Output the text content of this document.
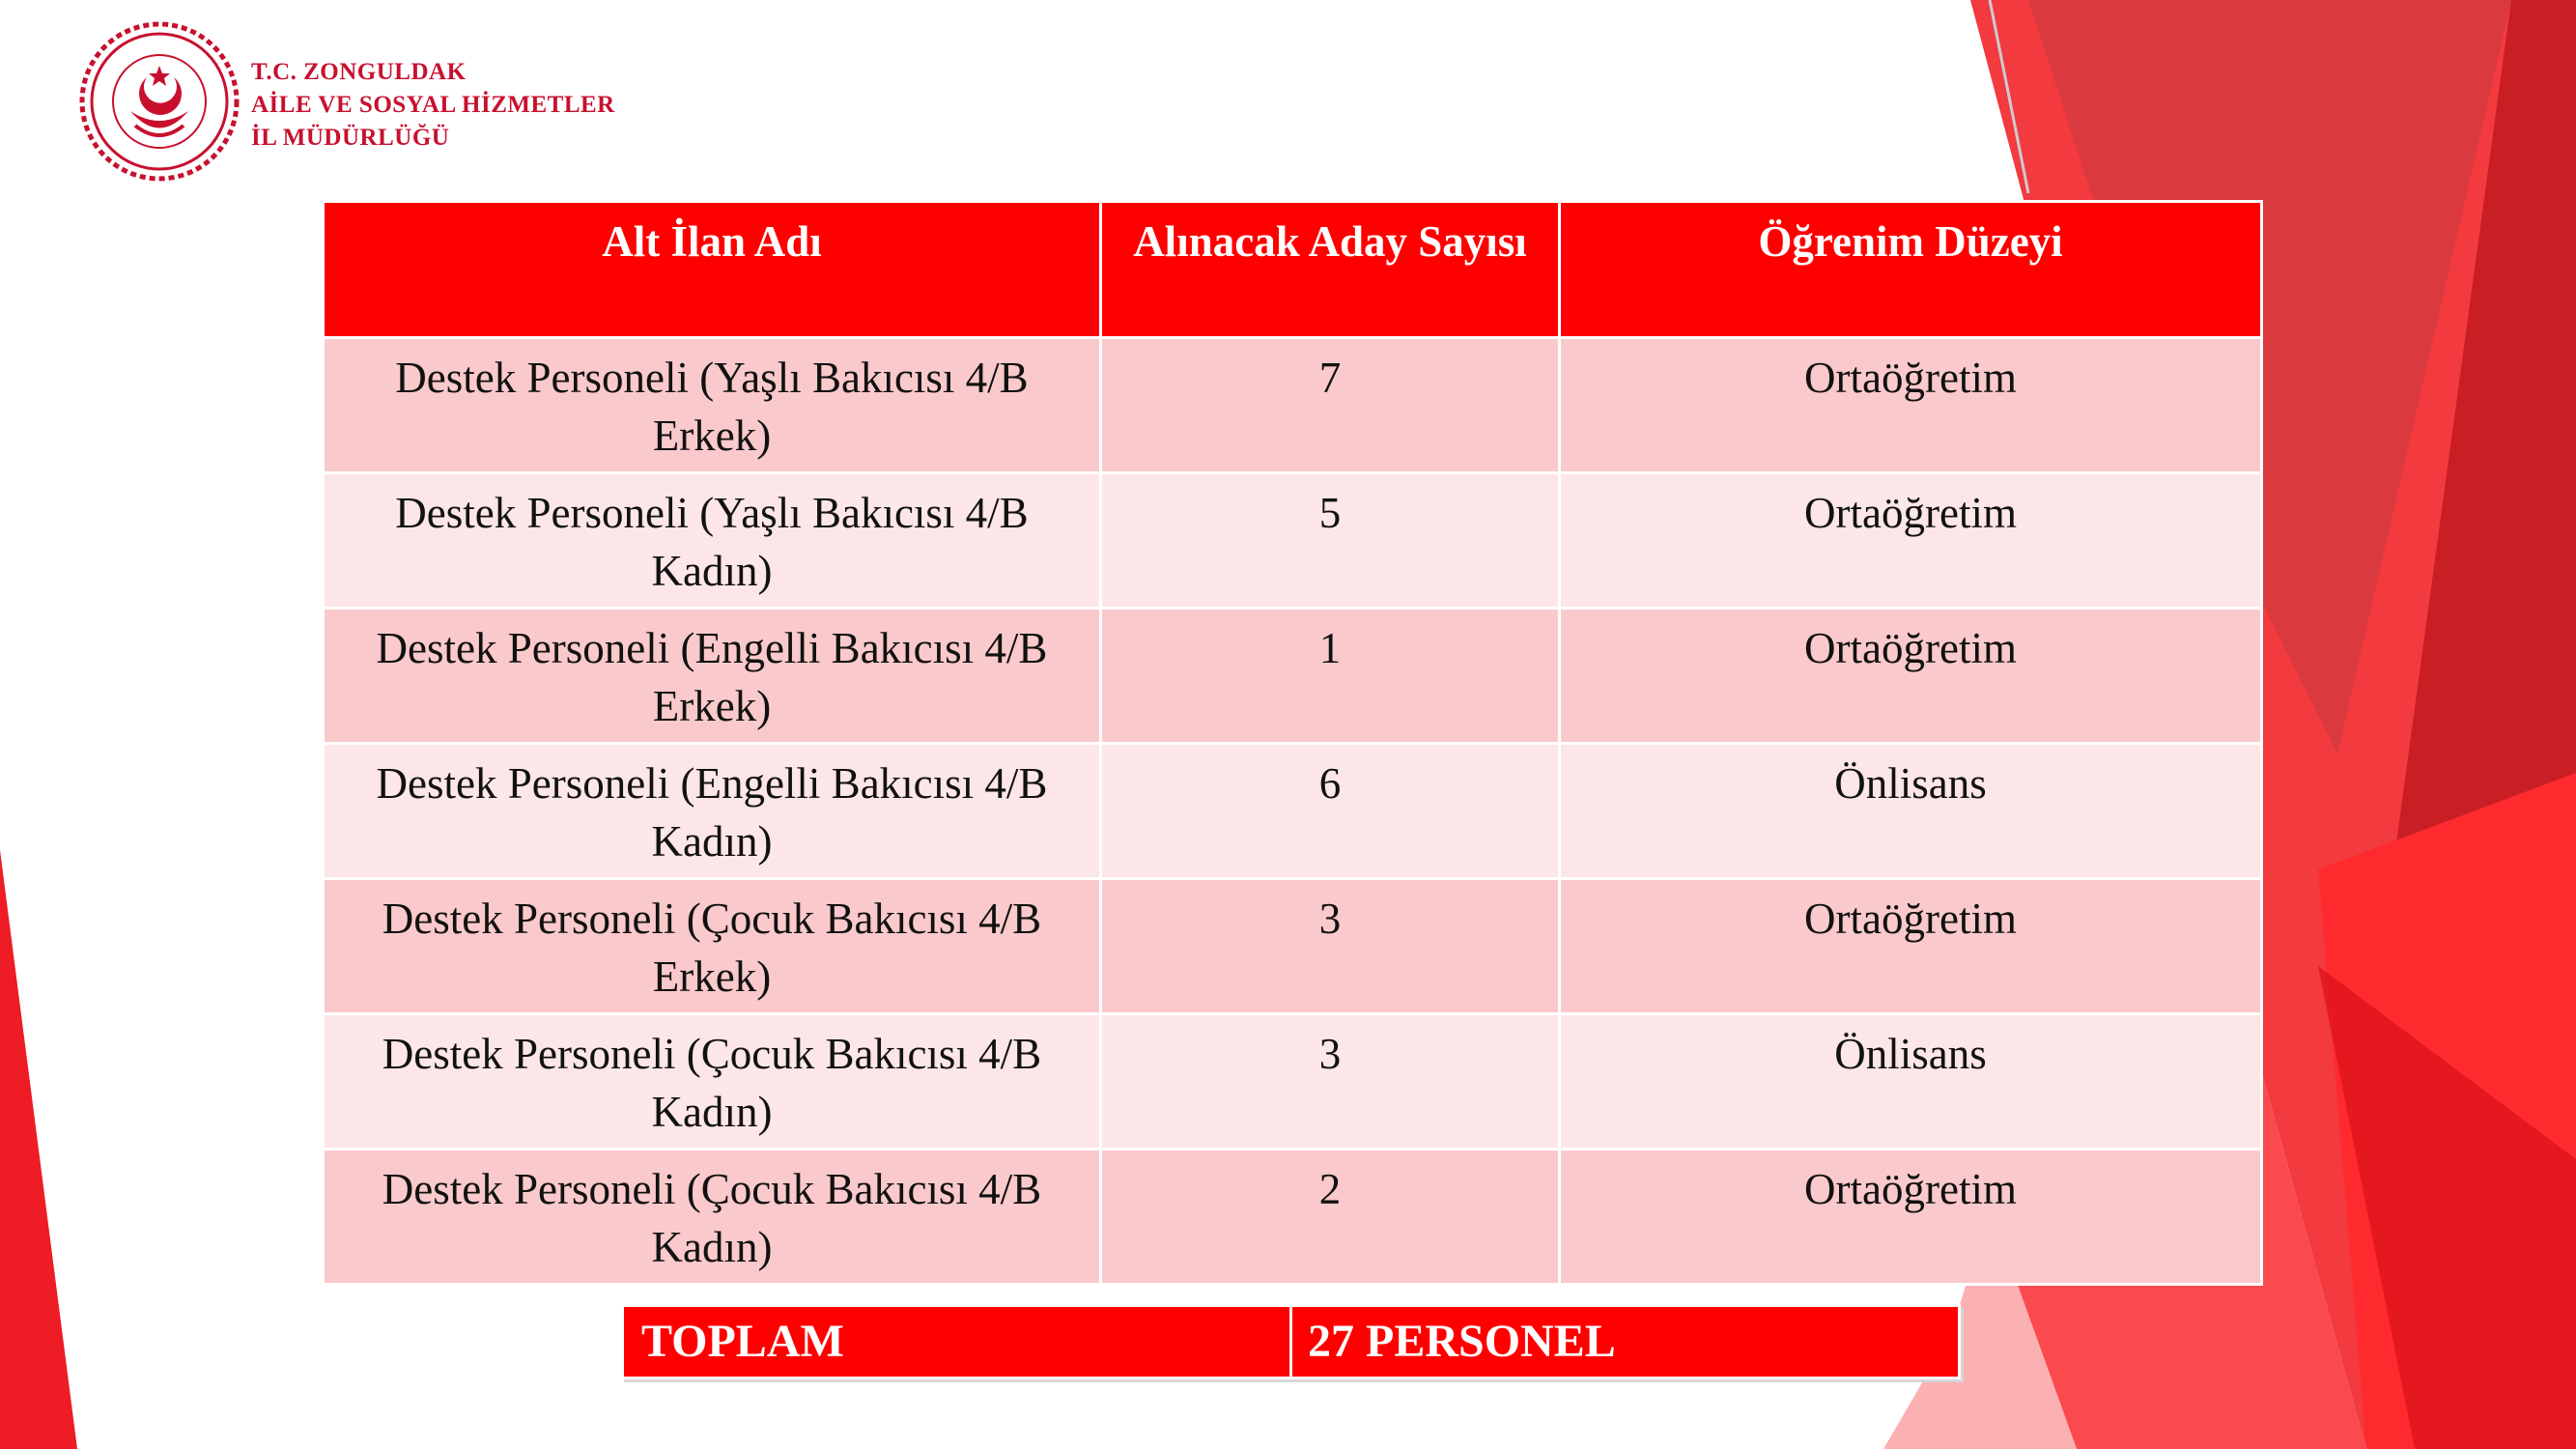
T.C. ZONGULDAK
AİLE VE SOSYAL HİZMETLER
İL MÜDÜRLÜĞÜ
Alt İlan Adı	Alınacak Aday Sayısı	Öğrenim Düzeyi
Destek Personeli (Yaşlı Bakıcısı 4/B Erkek)	7	Ortaöğretim
Destek Personeli (Yaşlı Bakıcısı 4/B Kadın)	5	Ortaöğretim
Destek Personeli (Engelli Bakıcısı 4/B Erkek)	1	Ortaöğretim
Destek Personeli (Engelli Bakıcısı 4/B Kadın)	6	Önlisans
Destek Personeli (Çocuk Bakıcısı 4/B Erkek)	3	Ortaöğretim
Destek Personeli (Çocuk Bakıcısı 4/B Kadın)	3	Önlisans
Destek Personeli (Çocuk Bakıcısı 4/B Kadın)	2	Ortaöğretim
TOPLAM	27 PERSONEL
